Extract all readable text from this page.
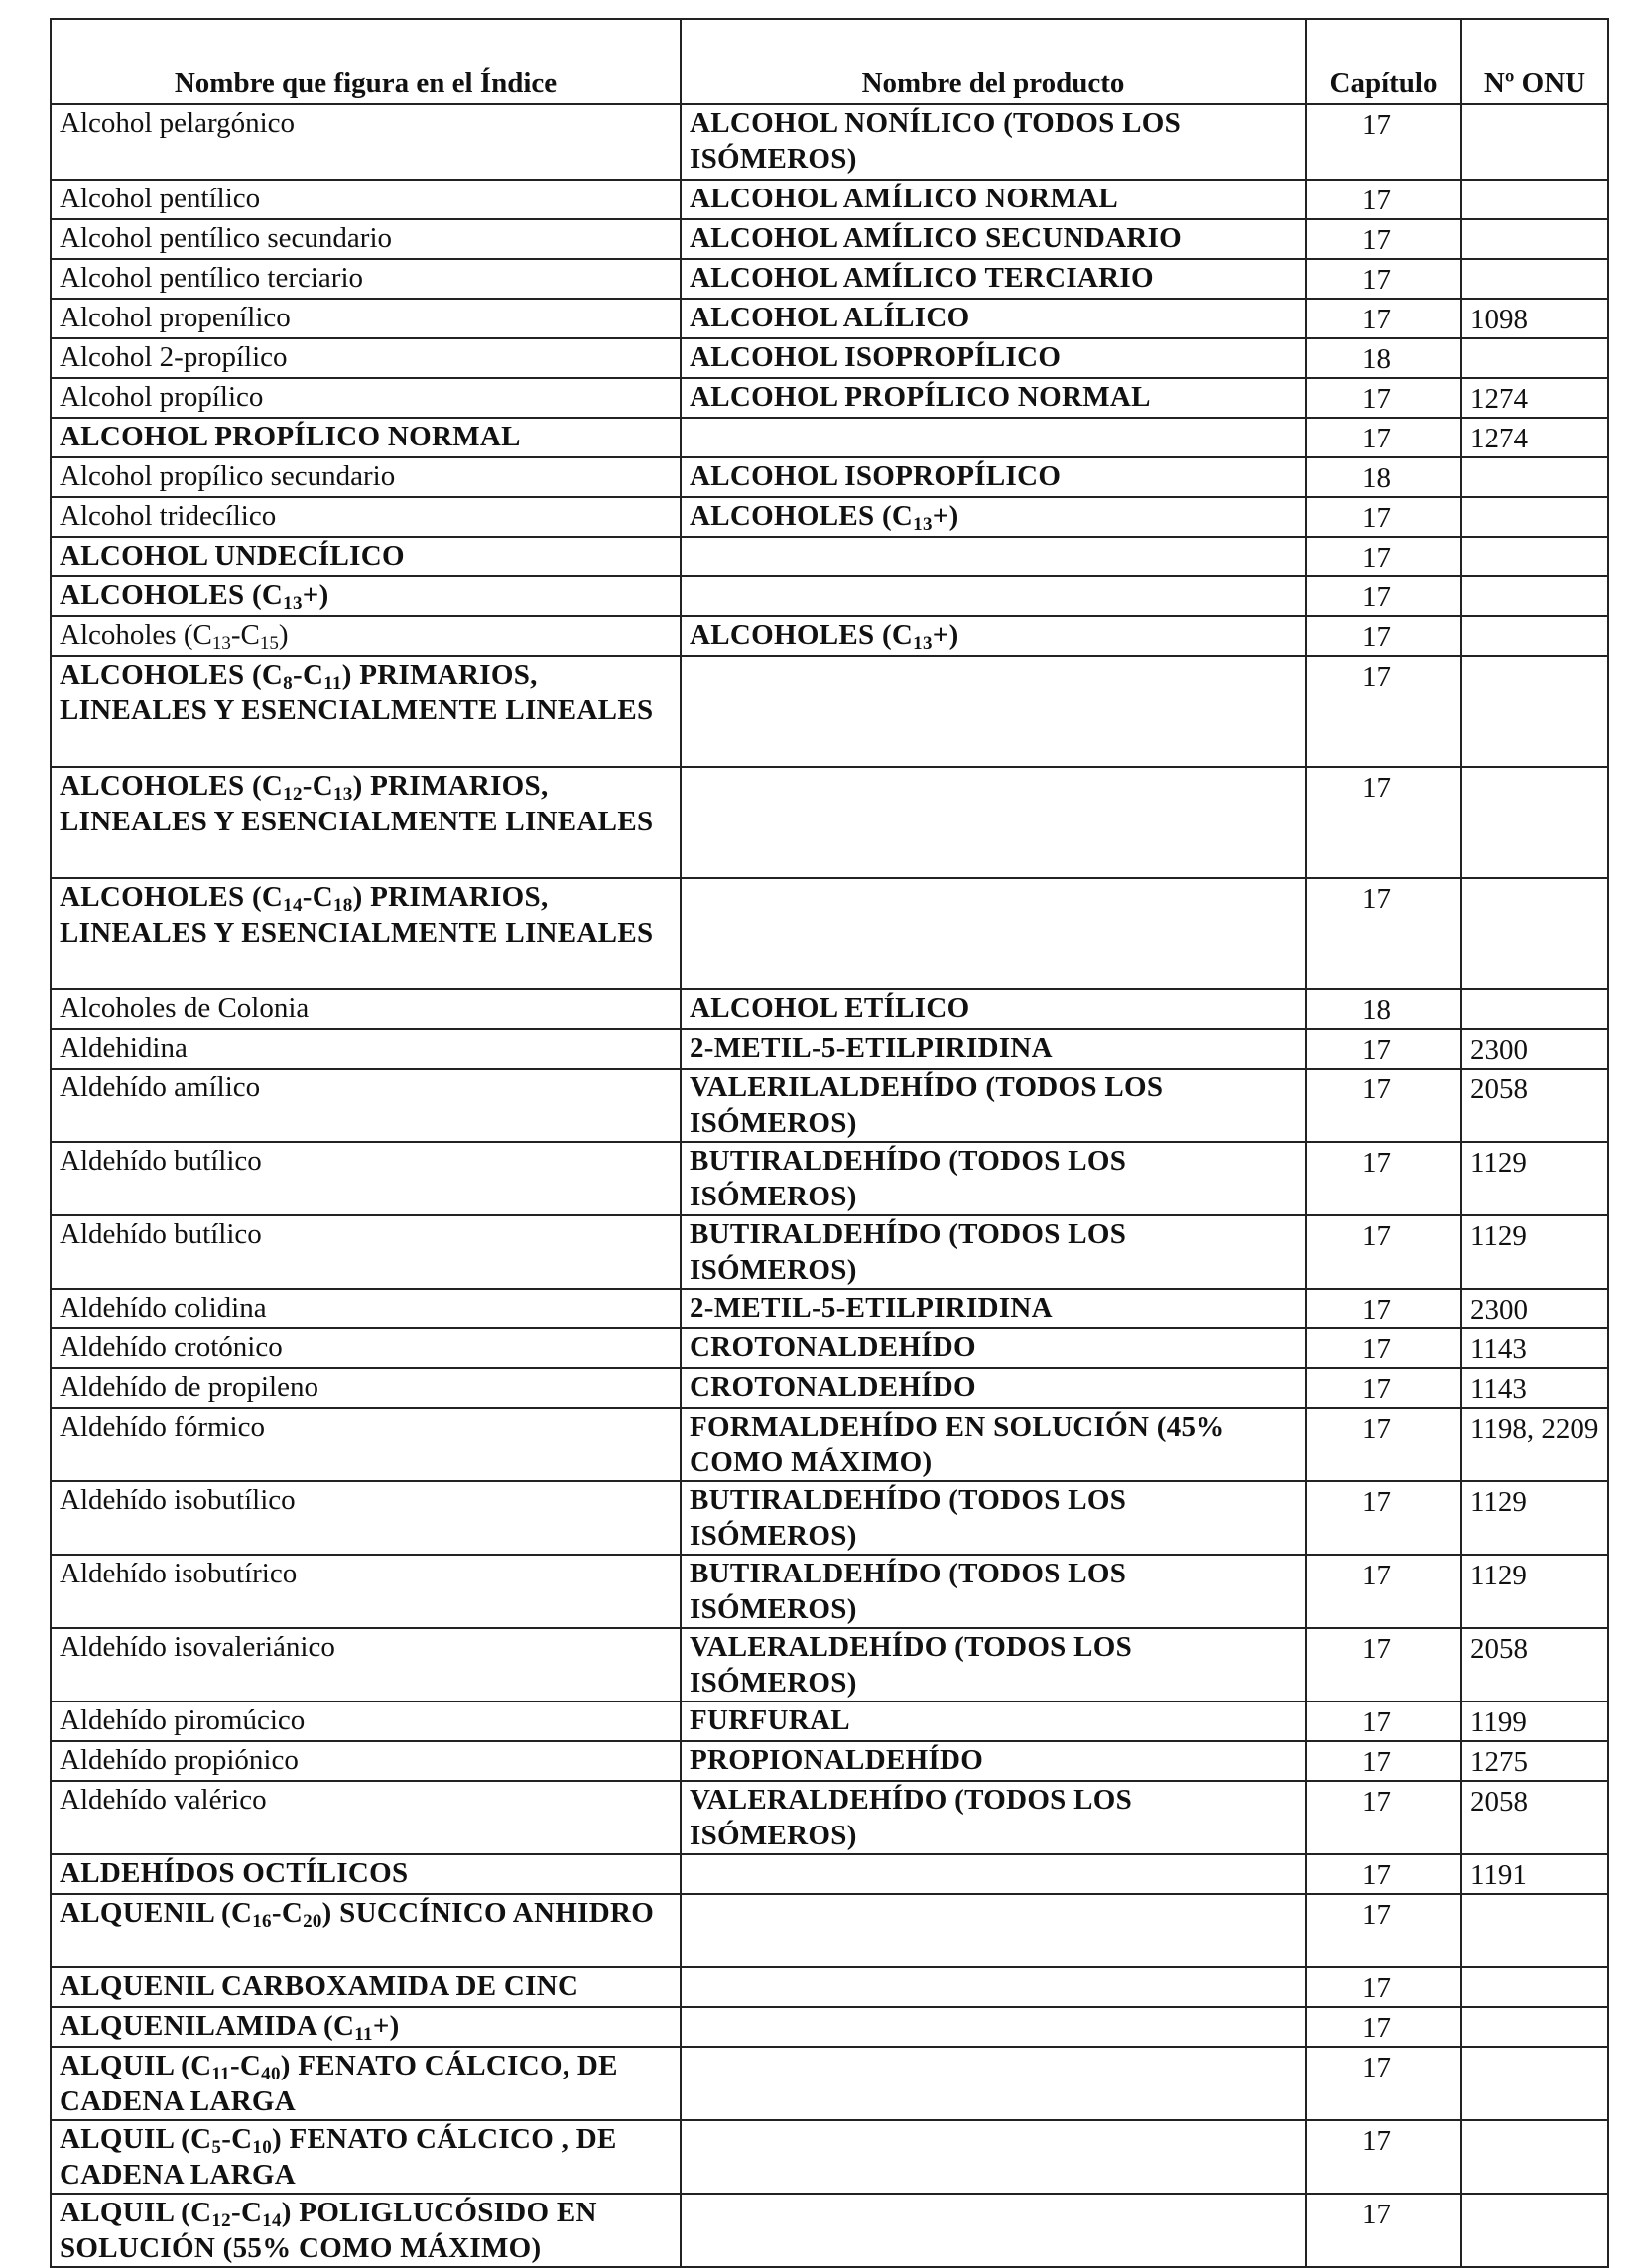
Nombre que figura en el Índice	Nombre del producto	Capítulo	Nº ONU
Alcohol pelargónico	ALCOHOL NONÍLICO (TODOS LOS ISÓMEROS)	17	

Alcohol pentílico	ALCOHOL AMÍLICO NORMAL	17	

Alcohol pentílico secundario	ALCOHOL AMÍLICO SECUNDARIO	17	

Alcohol pentílico terciario	ALCOHOL AMÍLICO TERCIARIO	17	

Alcohol propenílico	ALCOHOL ALÍLICO	17	1098

Alcohol 2-propílico	ALCOHOL ISOPROPÍLICO	18	

Alcohol propílico	ALCOHOL PROPÍLICO NORMAL	17	1274

ALCOHOL PROPÍLICO NORMAL		17	1274

Alcohol propílico secundario	ALCOHOL ISOPROPÍLICO	18	

Alcohol tridecílico	ALCOHOLES $(C_{13}+)$	17	

ALCOHOL UNDECÍLICO		17	

ALCOHOLES $(C_{13}+)$		17	

Alcoholes $(C_{13}-C_{15})$	ALCOHOLES $(C_{13}+)$	17	

ALCOHOLES $(C_8-C_{11})$ PRIMARIOS, LINEALES Y ESENCIALMENTE LINEALES		17	

ALCOHOLES $(C_{12}-C_{13})$ PRIMARIOS, LINEALES Y ESENCIALMENTE LINEALES		17	

ALCOHOLES $(C_{14}-C_{18})$ PRIMARIOS, LINEALES Y ESENCIALMENTE LINEALES		17	

Alcoholes de Colonia	ALCOHOL ETÍLICO	18	

Aldehidina	2-METIL-5-ETILPIRIDINA	17	2300

Aldehído amílico	VALERILALDEHÍDO (TODOS LOS ISÓMEROS)	17	2058

Aldehído butílico	BUTIRALDEHÍDO (TODOS LOS ISÓMEROS)	17	1129

Aldehído butílico	BUTIRALDEHÍDO (TODOS LOS ISÓMEROS)	17	1129

Aldehído colidina	2-METIL-5-ETILPIRIDINA	17	2300

Aldehído crotónico	CROTONALDEHÍDO	17	1143

Aldehído de propileno	CROTONALDEHÍDO	17	1143

Aldehído fórmico	FORMALDEHÍDO EN SOLUCIÓN (45% COMO MÁXIMO)	17	1198, 2209

Aldehído isobutílico	BUTIRALDEHÍDO (TODOS LOS ISÓMEROS)	17	1129

Aldehído isobutírico	BUTIRALDEHÍDO (TODOS LOS ISÓMEROS)	17	1129

Aldehído isovaleriánico	VALERALDEHÍDO (TODOS LOS ISÓMEROS)	17	2058

Aldehído piromúcico	FURFURAL	17	1199

Aldehído propiónico	PROPIONALDEHÍDO	17	1275

Aldehído valérico	VALERALDEHÍDO (TODOS LOS ISÓMEROS)	17	2058

ALDEHÍDOS OCTÍLICOS		17	1191

ALQUENIL $(C_{16}-C_{20})$ SUCCÍNICO ANHIDRO		17	

ALQUENIL CARBOXAMIDA DE CINC		17	

ALQUENILAMIDA $(C_{11}+)$		17	

ALQUIL $(C_{11}-C_{40})$ FENATO CÁLCICO, DE CADENA LARGA		17	

ALQUIL $(C_5-C_{10})$ FENATO CÁLCICO , DE CADENA LARGA		17	

ALQUIL $(C_{12}-C_{14})$ POLIGLUCÓSIDO EN SOLUCIÓN (55% COMO MÁXIMO)		17	
